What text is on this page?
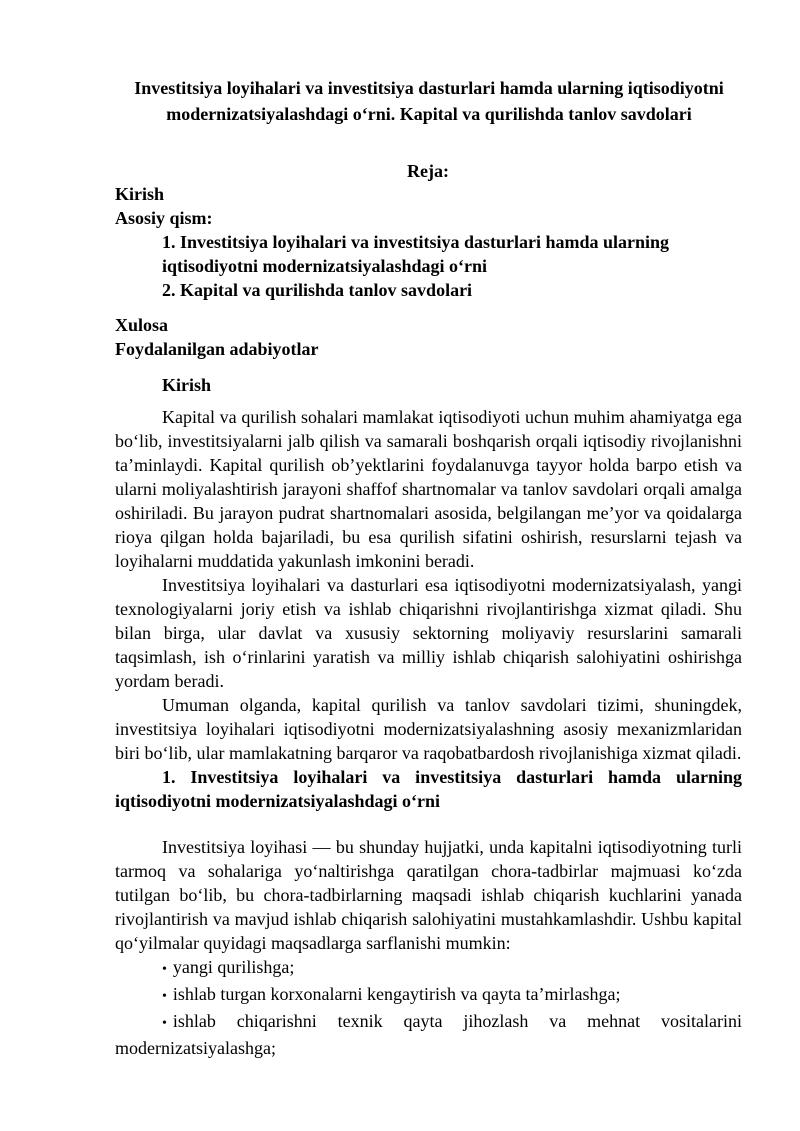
Investitsiya loyihalari va investitsiya dasturlari hamda ularning iqtisodiyotni
modernizatsiyalashdagi o‘rni. Kapital va qurilishda tanlov savdolari
Reja:
Kirish
Asosiy qism:
1. Investitsiya loyihalari va investitsiya dasturlari hamda ularning
iqtisodiyotni modernizatsiyalashdagi o‘rni
2. Kapital va qurilishda tanlov savdolari
Xulosa
Foydalanilgan adabiyotlar
Kirish

Kapital va qurilish sohalari mamlakat iqtisodiyoti uchun muhim ahamiyatga ega bo‘lib, investitsiyalarni jalb qilish va samarali boshqarish orqali iqtisodiy rivojlanishni ta’minlaydi. Kapital qurilish ob’yektlarini foydalanuvga tayyor holda barpo etish va ularni moliyalashtirish jarayoni shaffof shartnomalar va tanlov savdolari orqali amalga oshiriladi. Bu jarayon pudrat shartnomalari asosida, belgilangan me’yor va qoidalarga rioya qilgan holda bajariladi, bu esa qurilish sifatini oshirish, resurslarni tejash va loyihalarni muddatida yakunlash imkonini beradi.

Investitsiya loyihalari va dasturlari esa iqtisodiyotni modernizatsiyalash, yangi texnologiyalarni joriy etish va ishlab chiqarishni rivojlantirishga xizmat qiladi. Shu bilan birga, ular davlat va xususiy sektorning moliyaviy resurslarini samarali taqsimlash, ish o‘rinlarini yaratish va milliy ishlab chiqarish salohiyatini oshirishga yordam beradi.

Umuman olganda, kapital qurilish va tanlov savdolari tizimi, shuningdek, investitsiya loyihalari iqtisodiyotni modernizatsiyalashning asosiy mexanizmlaridan biri bo‘lib, ular mamlakatning barqaror va raqobatbardosh rivojlanishiga xizmat qiladi.

1. Investitsiya loyihalari va investitsiya dasturlari hamda ularning iqtisodiyotni modernizatsiyalashdagi o‘rni

Investitsiya loyihasi — bu shunday hujjatki, unda kapitalni iqtisodiyotning turli tarmoq va sohalariga yo‘naltirishga qaratilgan chora-tadbirlar majmuasi ko‘zda tutilgan bo‘lib, bu chora-tadbirlarning maqsadi ishlab chiqarish kuchlarini yanada rivojlantirish va mavjud ishlab chiqarish salohiyatini mustahkamlashdir. Ushbu kapital qo‘yilmalar quyidagi maqsadlarga sarflanishi mumkin:

• yangi qurilishga;
• ishlab turgan korxonalarni kengaytirish va qayta ta’mirlashga;
• ishlab chiqarishni texnik qayta jihozlash va mehnat vositalarini modernizatsiyalashga;
